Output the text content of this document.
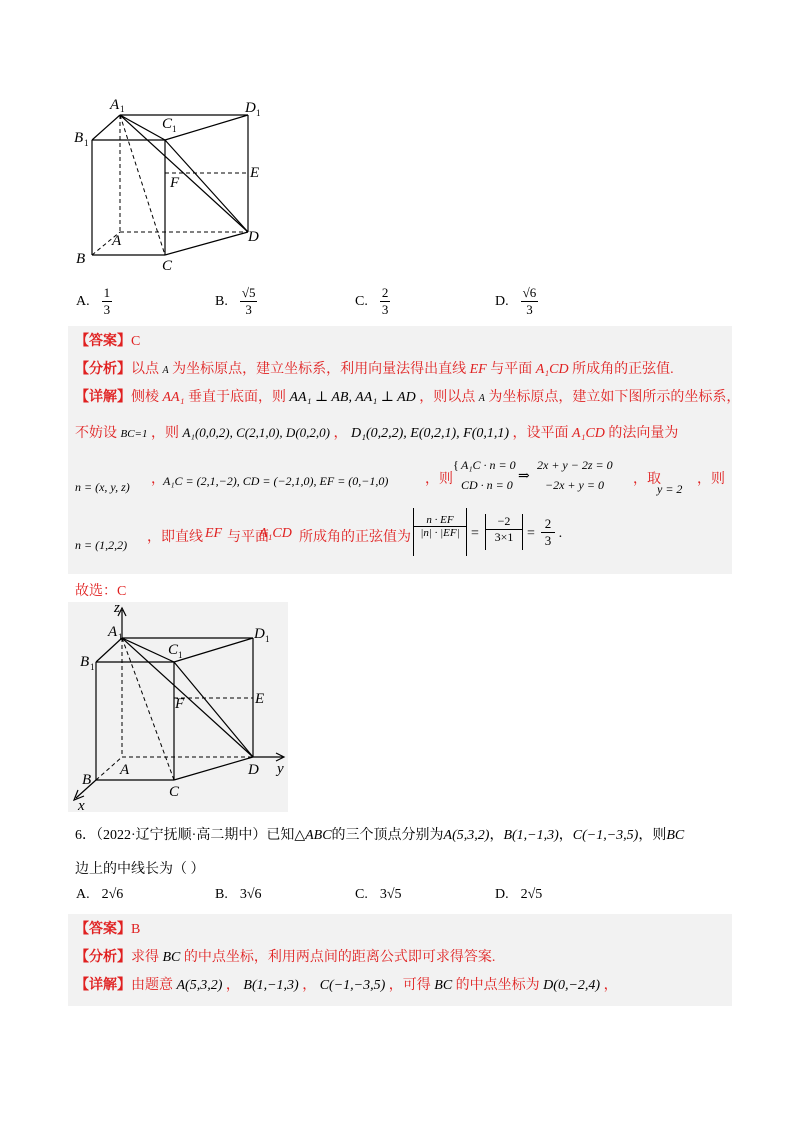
A 1
C 1
D 1
B 1
F
E
A
B	C
D
A. $\frac{1}{3}$	B. $\frac{√5}{3}$	C. $\frac{2}{3}$	D. $\frac{√6}{3}$
【答案】C
【分析】以点 A 为坐标原点，建立坐标系，利用向量法得出直线 EF 与平面 A₁CD 所成角的正弦值.
【详解】侧棱 AA₁ 垂直于底面，则 AA₁ ⊥ AB, AA₁ ⊥ AD ，则以点 A 为坐标原点，建立如下图所示的坐标系，
不妨设 BC=1 ，则 A₁(0,0,2), C(2,1,0), D(0,2,0) ， D₁(0,2,2), E(0,2,1), F(0,1,1) ，设平面 A₁CD 的法向量为
n = (x, y, z) ，
A₁C = (2,1,−2), CD = (−2,1,0), EF = (0,−1,0)	，则
{ A₁C · n = 0
CD · n = 0
⇒
2x + y − 2z = 0
−2x + y = 0 ，取
y = 2
，则
n = (1,2,2) ，即直线 EF 与平面
A₁CD 所成角的正弦值为
n · EF
|n| · |EF| =
−2
3×1 =
2
3 .
故选：C
z
y
x
A 1
C 1
D 1
B 1
F	E
A
B
C
D
6．（2022·辽宁抚顺·高二期中）已知△ABC的三个顶点分别为A(5,3,2)，B(1,−1,3)，C(−1,−3,5)，则BC
边上的中线长为（ ）
A. 2√6	B. 3√6	C. 3√5	D. 2√5
【答案】B
【分析】求得 BC 的中点坐标，利用两点间的距离公式即可求得答案.
【详解】由题意 A(5,3,2) ， B(1,−1,3) ， C(−1,−3,5) ，可得 BC 的中点坐标为 D(0,−2,4) ，
